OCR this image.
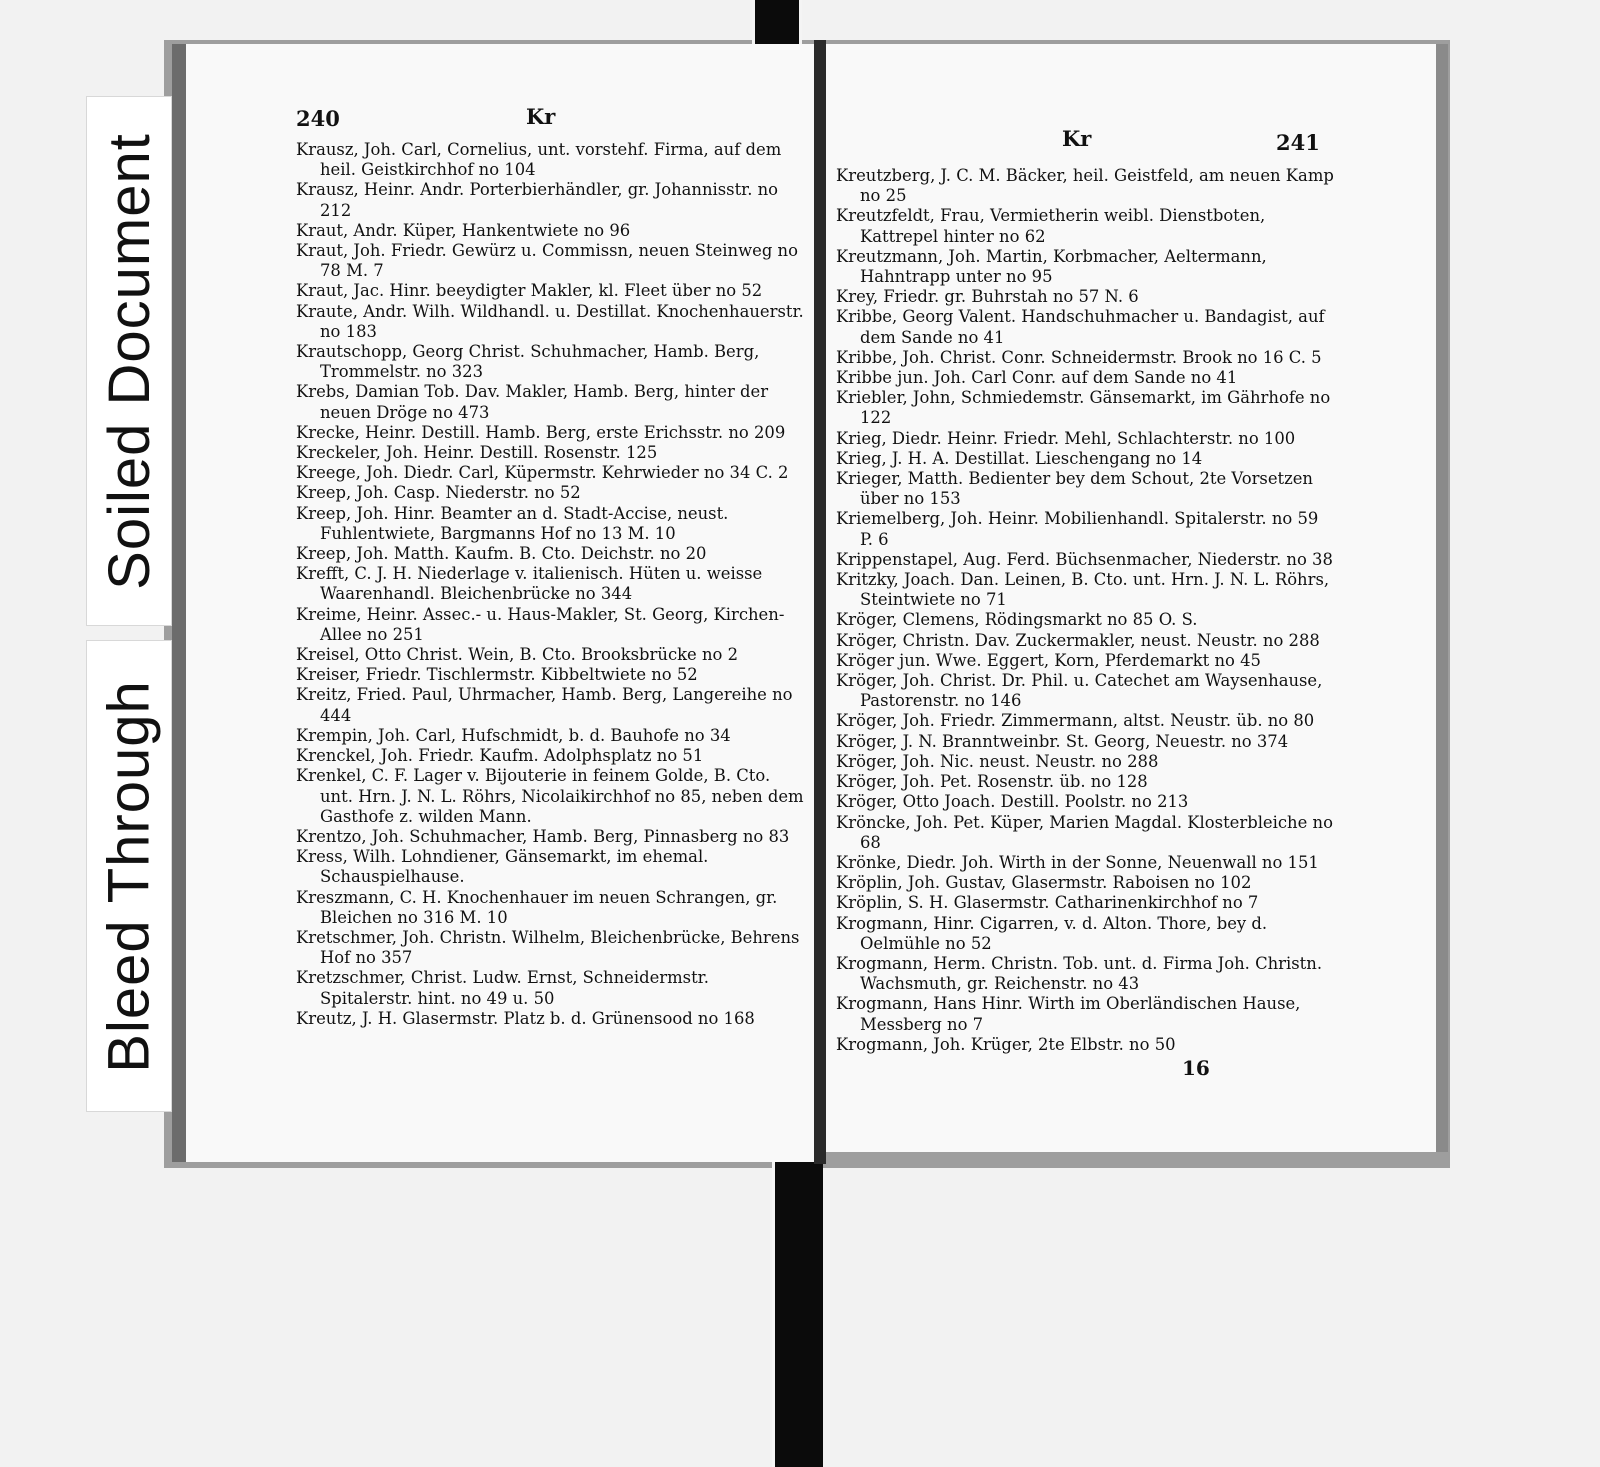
Soiled Document
Bleed Through
240	Kr
Krausz, Joh. Carl, Cornelius, unt. vorstehf. Firma, auf dem heil. Geistkirchhof no 104
Krausz, Heinr. Andr. Porterbierhändler, gr. Johannisstr. no 212
Kraut, Andr. Küper, Hankentwiete no 96
Kraut, Joh. Friedr. Gewürz u. Commissn, neuen Steinweg no 78 M. 7
Kraut, Jac. Hinr. beeydigter Makler, kl. Fleet über no 52
Kraute, Andr. Wilh. Wildhandl. u. Destillat. Knochenhauerstr. no 183
Krautschopp, Georg Christ. Schuhmacher, Hamb. Berg, Trommelstr. no 323
Krebs, Damian Tob. Dav. Makler, Hamb. Berg, hinter der neuen Dröge no 473
Krecke, Heinr. Destill. Hamb. Berg, erste Erichsstr. no 209
Kreckeler, Joh. Heinr. Destill. Rosenstr. 125
Kreege, Joh. Diedr. Carl, Küpermstr. Kehrwieder no 34 C. 2
Kreep, Joh. Casp. Niederstr. no 52
Kreep, Joh. Hinr. Beamter an d. Stadt-Accise, neust. Fuhlentwiete, Bargmanns Hof no 13 M. 10
Kreep, Joh. Matth. Kaufm. B. Cto. Deichstr. no 20
Krefft, C. J. H. Niederlage v. italienisch. Hüten u. weisse Waarenhandl. Bleichenbrücke no 344
Kreime, Heinr. Assec.- u. Haus-Makler, St. Georg, Kirchen-Allee no 251
Kreisel, Otto Christ. Wein, B. Cto. Brooksbrücke no 2
Kreiser, Friedr. Tischlermstr. Kibbeltwiete no 52
Kreitz, Fried. Paul, Uhrmacher, Hamb. Berg, Langereihe no 444
Krempin, Joh. Carl, Hufschmidt, b. d. Bauhofe no 34
Krenckel, Joh. Friedr. Kaufm. Adolphsplatz no 51
Krenkel, C. F. Lager v. Bijouterie in feinem Golde, B. Cto. unt. Hrn. J. N. L. Röhrs, Nicolaikirchhof no 85, neben dem Gasthofe z. wilden Mann.
Krentzo, Joh. Schuhmacher, Hamb. Berg, Pinnasberg no 83
Kress, Wilh. Lohndiener, Gänsemarkt, im ehemal. Schauspielhause.
Kreszmann, C. H. Knochenhauer im neuen Schrangen, gr. Bleichen no 316 M. 10
Kretschmer, Joh. Christn. Wilhelm, Bleichenbrücke, Behrens Hof no 357
Kretzschmer, Christ. Ludw. Ernst, Schneidermstr. Spitalerstr. hint. no 49 u. 50
Kreutz, J. H. Glasermstr. Platz b. d. Grünensood no 168
Kr	241
Kreutzberg, J. C. M. Bäcker, heil. Geistfeld, am neuen Kamp no 25
Kreutzfeldt, Frau, Vermietherin weibl. Dienstboten, Kattrepel hinter no 62
Kreutzmann, Joh. Martin, Korbmacher, Aeltermann, Hahntrapp unter no 95
Krey, Friedr. gr. Buhrstah no 57 N. 6
Kribbe, Georg Valent. Handschuhmacher u. Bandagist, auf dem Sande no 41
Kribbe, Joh. Christ. Conr. Schneidermstr. Brook no 16 C. 5
Kribbe jun. Joh. Carl Conr. auf dem Sande no 41
Kriebler, John, Schmiedemstr. Gänsemarkt, im Gährhofe no 122
Krieg, Diedr. Heinr. Friedr. Mehl, Schlachterstr. no 100
Krieg, J. H. A. Destillat. Lieschengang no 14
Krieger, Matth. Bedienter bey dem Schout, 2te Vorsetzen über no 153
Kriemelberg, Joh. Heinr. Mobilienhandl. Spitalerstr. no 59 P. 6
Krippenstapel, Aug. Ferd. Büchsenmacher, Niederstr. no 38
Kritzky, Joach. Dan. Leinen, B. Cto. unt. Hrn. J. N. L. Röhrs, Steintwiete no 71
Kröger, Clemens, Rödingsmarkt no 85 O. S.
Kröger, Christn. Dav. Zuckermakler, neust. Neustr. no 288
Kröger jun. Wwe. Eggert, Korn, Pferdemarkt no 45
Kröger, Joh. Christ. Dr. Phil. u. Catechet am Waysenhause, Pastorenstr. no 146
Kröger, Joh. Friedr. Zimmermann, altst. Neustr. üb. no 80
Kröger, J. N. Branntweinbr. St. Georg, Neuestr. no 374
Kröger, Joh. Nic. neust. Neustr. no 288
Kröger, Joh. Pet. Rosenstr. üb. no 128
Kröger, Otto Joach. Destill. Poolstr. no 213
Kröncke, Joh. Pet. Küper, Marien Magdal. Klosterbleiche no 68
Krönke, Diedr. Joh. Wirth in der Sonne, Neuenwall no 151
Kröplin, Joh. Gustav, Glasermstr. Raboisen no 102
Kröplin, S. H. Glasermstr. Catharinenkirchhof no 7
Krogmann, Hinr. Cigarren, v. d. Alton. Thore, bey d. Oelmühle no 52
Krogmann, Herm. Christn. Tob. unt. d. Firma Joh. Christn. Wachsmuth, gr. Reichenstr. no 43
Krogmann, Hans Hinr. Wirth im Oberländischen Hause, Messberg no 7
Krogmann, Joh. Krüger, 2te Elbstr. no 50
16
